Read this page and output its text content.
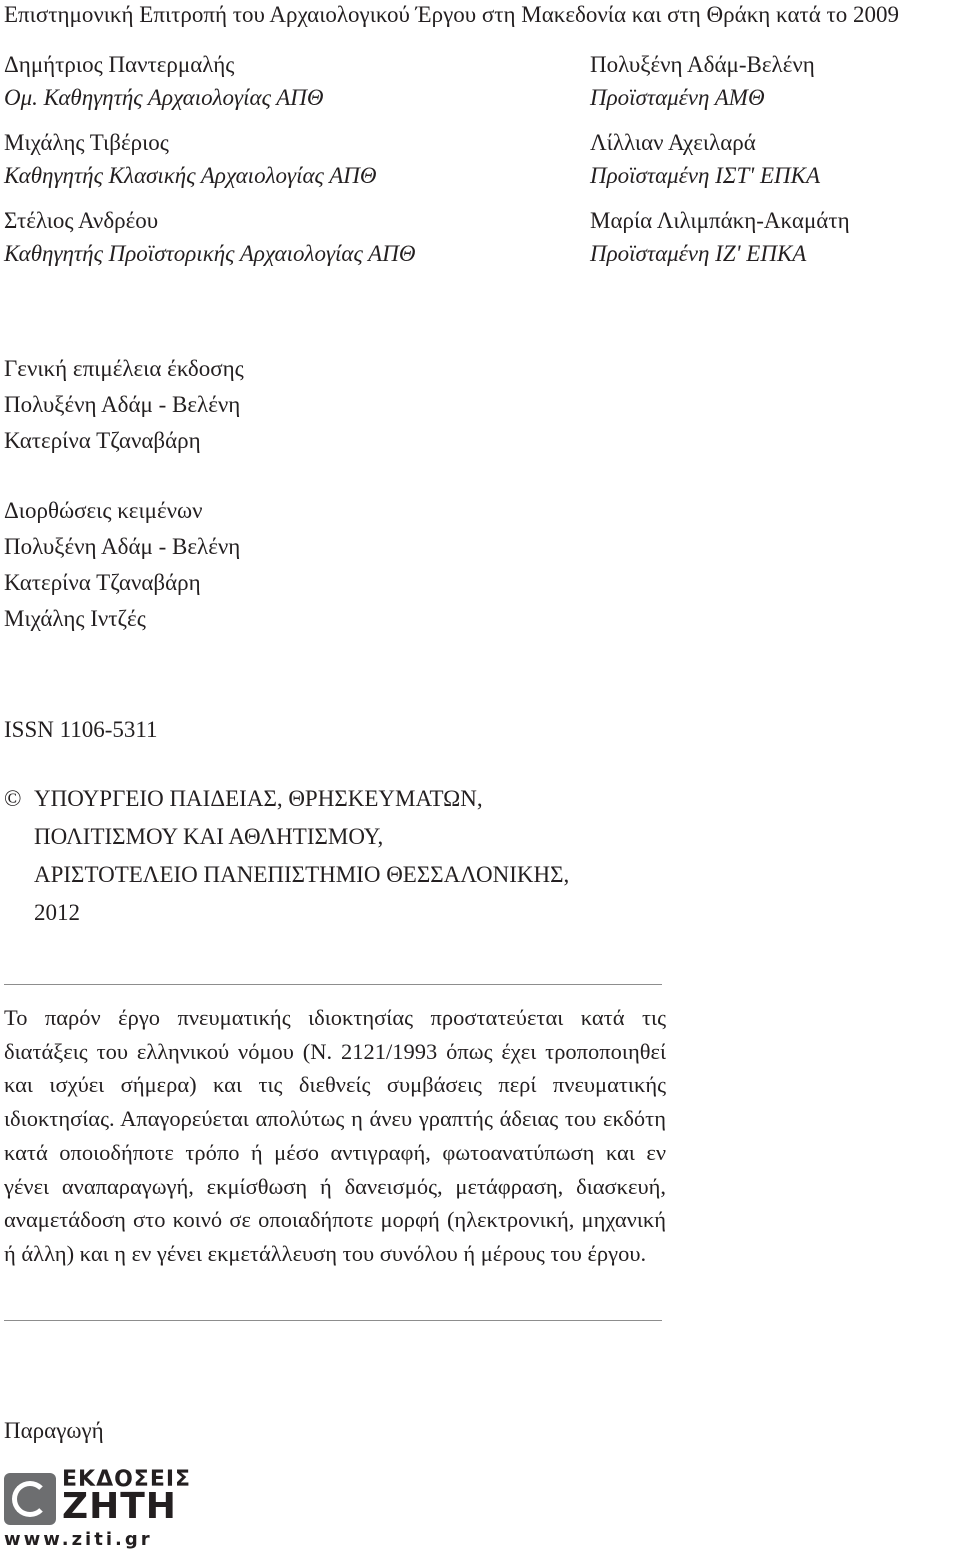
Επιστημονική Επιτροπή του Αρχαιολογικού Έργου στη Μακεδονία και στη Θράκη κατά το 2009
Δημήτριος Παντερμαλής
Ομ. Καθηγητής Αρχαιολογίας ΑΠΘ
Μιχάλης Τιβέριος
Καθηγητής Κλασικής Αρχαιολογίας ΑΠΘ
Στέλιος Ανδρέου
Καθηγητής Προϊστορικής Αρχαιολογίας ΑΠΘ
Πολυξένη Αδάμ-Βελένη
Προϊσταμένη ΑΜΘ
Λίλλιαν Αχειλαρά
Προϊσταμένη ΙΣΤ' ΕΠΚΑ
Μαρία Λιλιμπάκη-Ακαμάτη
Προϊσταμένη ΙΖ' ΕΠΚΑ
Γενική επιμέλεια έκδοσης
Πολυξένη Αδάμ - Βελένη
Κατερίνα Τζαναβάρη
Διορθώσεις κειμένων
Πολυξένη Αδάμ - Βελένη
Κατερίνα Τζαναβάρη
Μιχάλης Ιντζές
ISSN 1106-5311
© ΥΠΟΥΡΓΕΙΟ ΠΑΙΔΕΙΑΣ, ΘΡΗΣΚΕΥΜΑΤΩΝ,
ΠΟΛΙΤΙΣΜΟΥ ΚΑΙ ΑΘΛΗΤΙΣΜΟΥ,
ΑΡΙΣΤΟΤΕΛΕΙΟ ΠΑΝΕΠΙΣΤΗΜΙΟ ΘΕΣΣΑΛΟΝΙΚΗΣ,
2012
Το παρόν έργο πνευματικής ιδιοκτησίας προστατεύεται κατά τις διατάξεις του ελληνικού νόμου (Ν. 2121/1993 όπως έχει τροποποιηθεί και ισχύει σήμερα) και τις διεθνείς συμβάσεις περί πνευματικής ιδιοκτησίας. Απαγορεύεται απολύτως η άνευ γραπτής άδειας του εκδότη κατά οποιοδήποτε τρόπο ή μέσο αντιγραφή, φωτοανατύπωση και εν γένει αναπαραγωγή, εκμίσθωση ή δανεισμός, μετάφραση, διασκευή, αναμετάδοση στο κοινό σε οποιαδήποτε μορφή (ηλεκτρονική, μηχανική ή άλλη) και η εν γένει εκμετάλλευση του συνόλου ή μέρους του έργου.
Παραγωγή
ΕΚΔΟΣΕΙΣ
ΖΗΤΗ
www.ziti.gr
